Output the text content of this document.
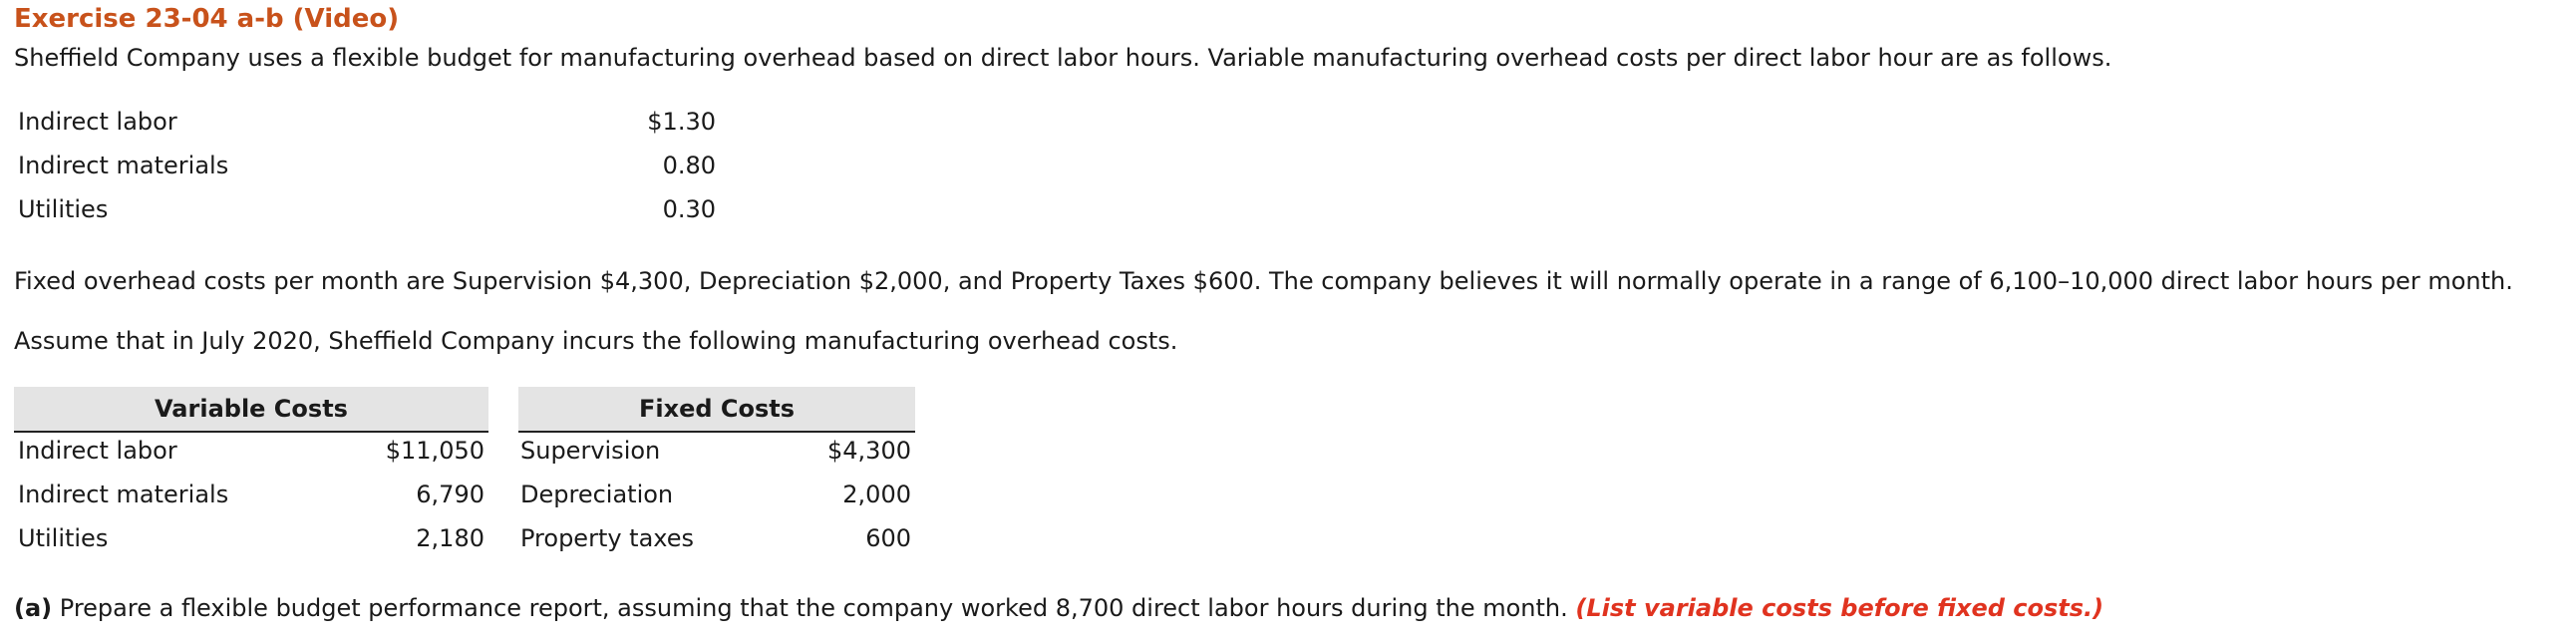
Exercise 23-04 a-b (Video)
Sheffield Company uses a flexible budget for manufacturing overhead based on direct labor hours. Variable manufacturing overhead costs per direct labor hour are as follows.
Indirect labor	$1.30
Indirect materials	0.80
Utilities	0.30
Fixed overhead costs per month are Supervision $4,300, Depreciation $2,000, and Property Taxes $600. The company believes it will normally operate in a range of 6,100–10,000 direct labor hours per month.
Assume that in July 2020, Sheffield Company incurs the following manufacturing overhead costs.
Variable Costs	Fixed Costs
Indirect labor	$11,050 Supervision	$4,300
Indirect materials	6,790 Depreciation	2,000
Utilities	2,180 Property taxes	600
(a) Prepare a flexible budget performance report, assuming that the company worked 8,700 direct labor hours during the month. (List variable costs before fixed costs.)
